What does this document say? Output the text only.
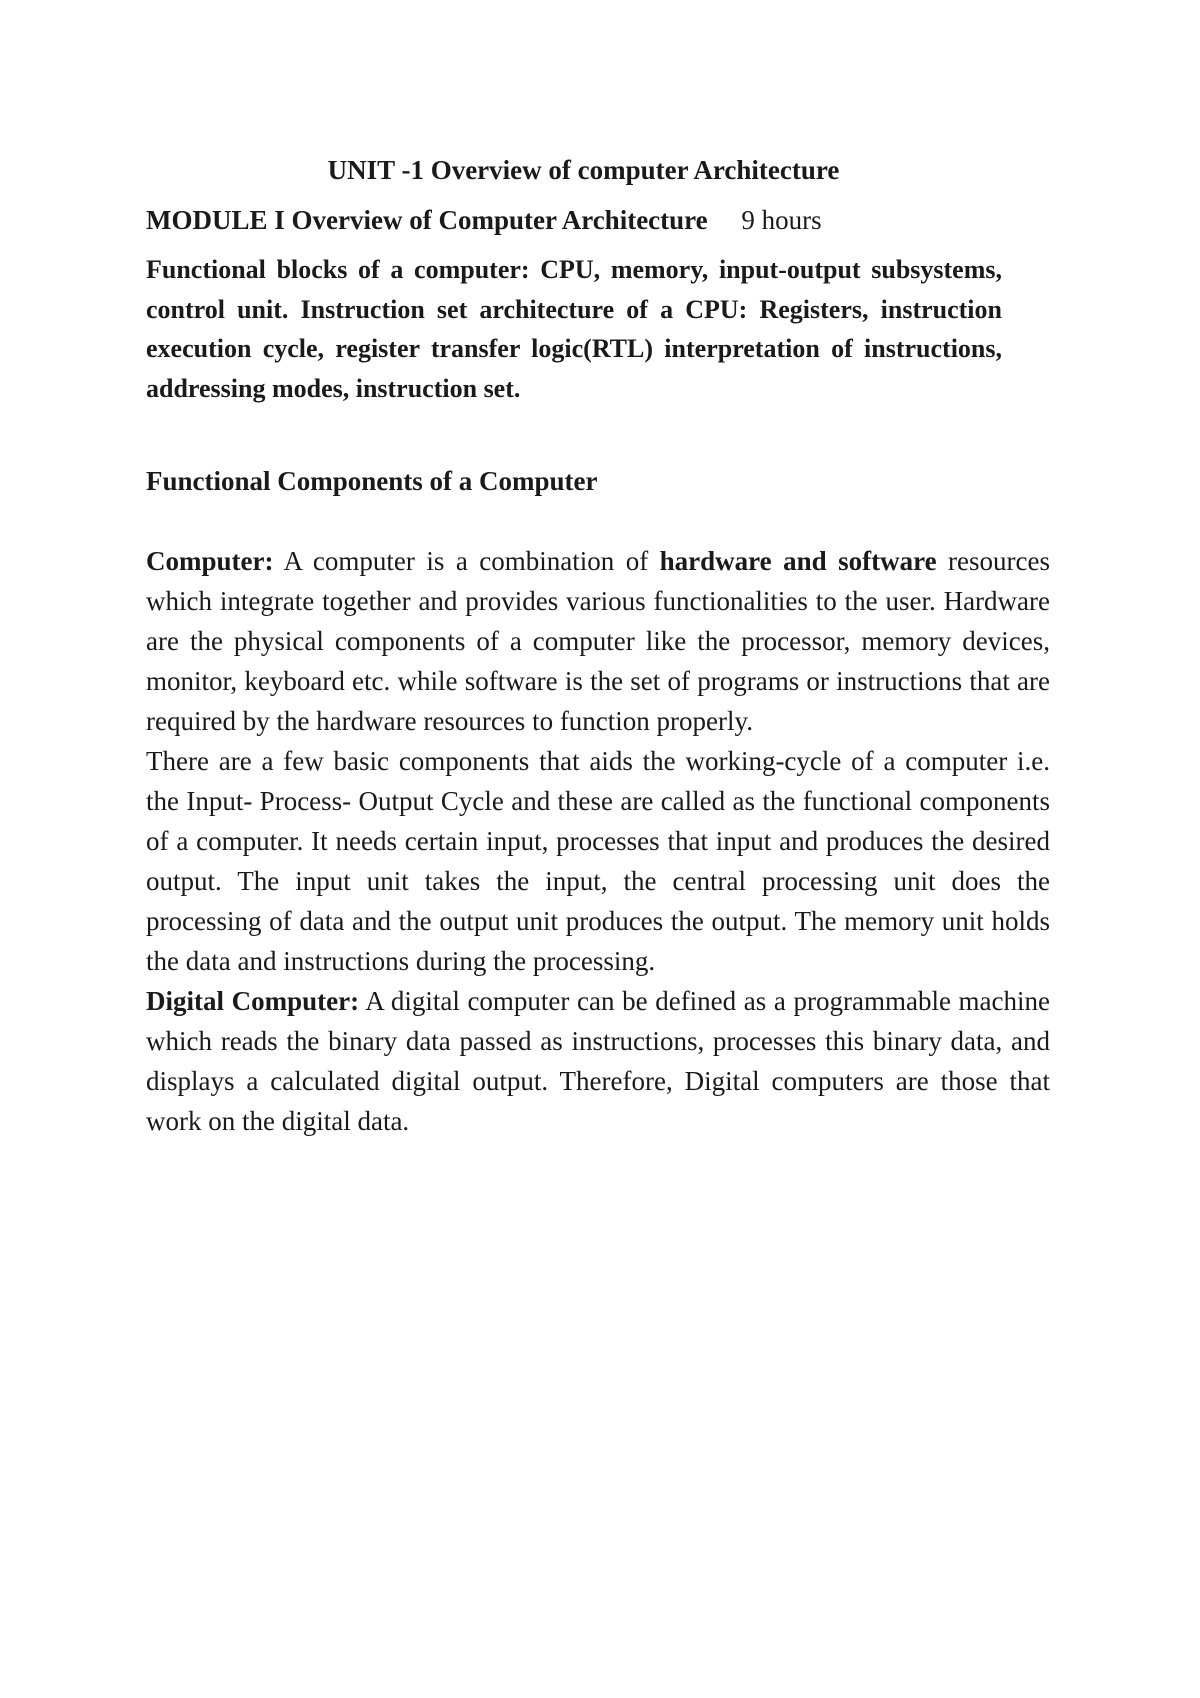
UNIT -1 Overview of computer Architecture
MODULE I Overview of Computer Architecture 9 hours

Functional blocks of a computer: CPU, memory, input-output subsystems, control unit. Instruction set architecture of a CPU: Registers, instruction execution cycle, register transfer logic(RTL) interpretation of instructions, addressing modes, instruction set.

Functional Components of a Computer

Computer: A computer is a combination of hardware and software resources which integrate together and provides various functionalities to the user. Hardware are the physical components of a computer like the processor, memory devices, monitor, keyboard etc. while software is the set of programs or instructions that are required by the hardware resources to function properly.

There are a few basic components that aids the working-cycle of a computer i.e. the Input- Process- Output Cycle and these are called as the functional components of a computer. It needs certain input, processes that input and produces the desired output. The input unit takes the input, the central processing unit does the processing of data and the output unit produces the output. The memory unit holds the data and instructions during the processing.

Digital Computer: A digital computer can be defined as a programmable machine which reads the binary data passed as instructions, processes this binary data, and displays a calculated digital output. Therefore, Digital computers are those that work on the digital data.
